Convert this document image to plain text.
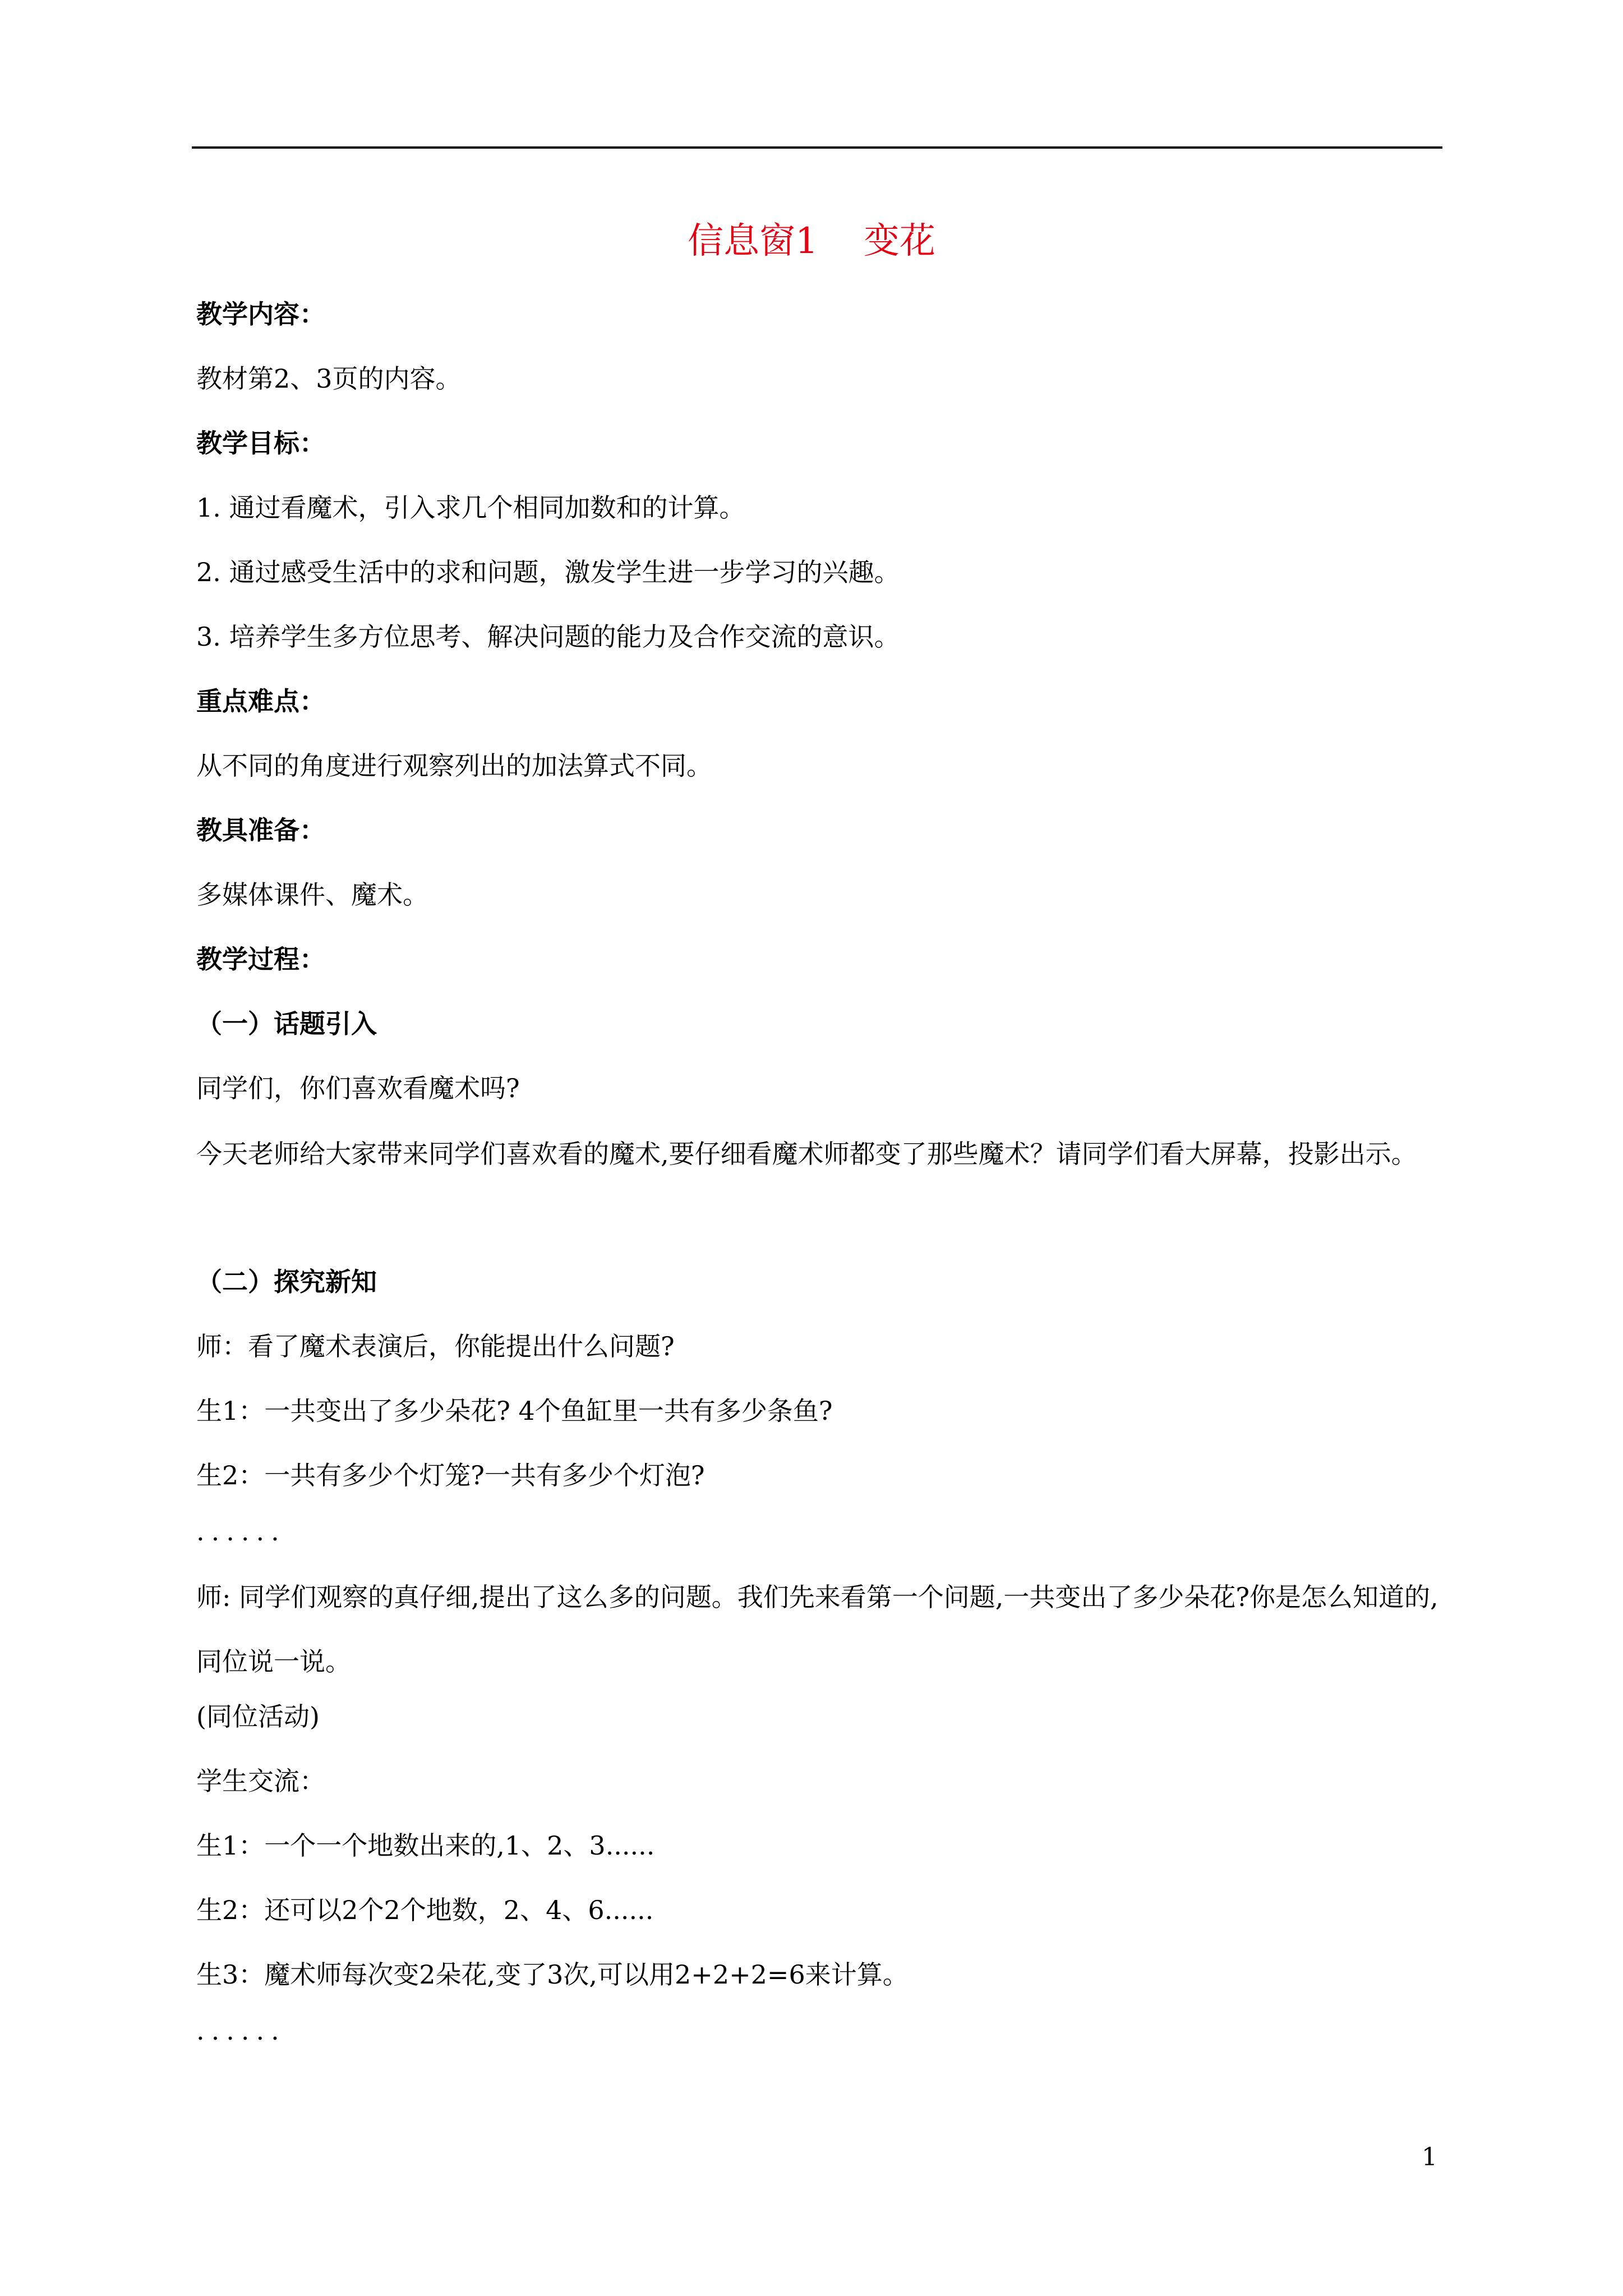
信息窗1    变花
教学内容：
教材第2、3页的内容。
教学目标：
1. 通过看魔术，引入求几个相同加数和的计算。
2. 通过感受生活中的求和问题，激发学生进一步学习的兴趣。
3. 培养学生多方位思考、解决问题的能力及合作交流的意识。
重点难点：
从不同的角度进行观察列出的加法算式不同。
教具准备：
多媒体课件、魔术。
教学过程：
（一）话题引入
同学们，你们喜欢看魔术吗?
今天老师给大家带来同学们喜欢看的魔术,要仔细看魔术师都变了那些魔术？请同学们看大屏幕，投影出示。
（二）探究新知
师：看了魔术表演后，你能提出什么问题?
生1：一共变出了多少朵花? 4个鱼缸里一共有多少条鱼?
生2：一共有多少个灯笼?一共有多少个灯泡?
......
师: 同学们观察的真仔细,提出了这么多的问题。我们先来看第一个问题,一共变出了多少朵花?你是怎么知道的,同位说一说。
(同位活动)
学生交流：
生1：一个一个地数出来的,1、2、3......
生2：还可以2个2个地数，2、4、6......
生3：魔术师每次变2朵花,变了3次,可以用2+2+2=6来计算。
......
1
